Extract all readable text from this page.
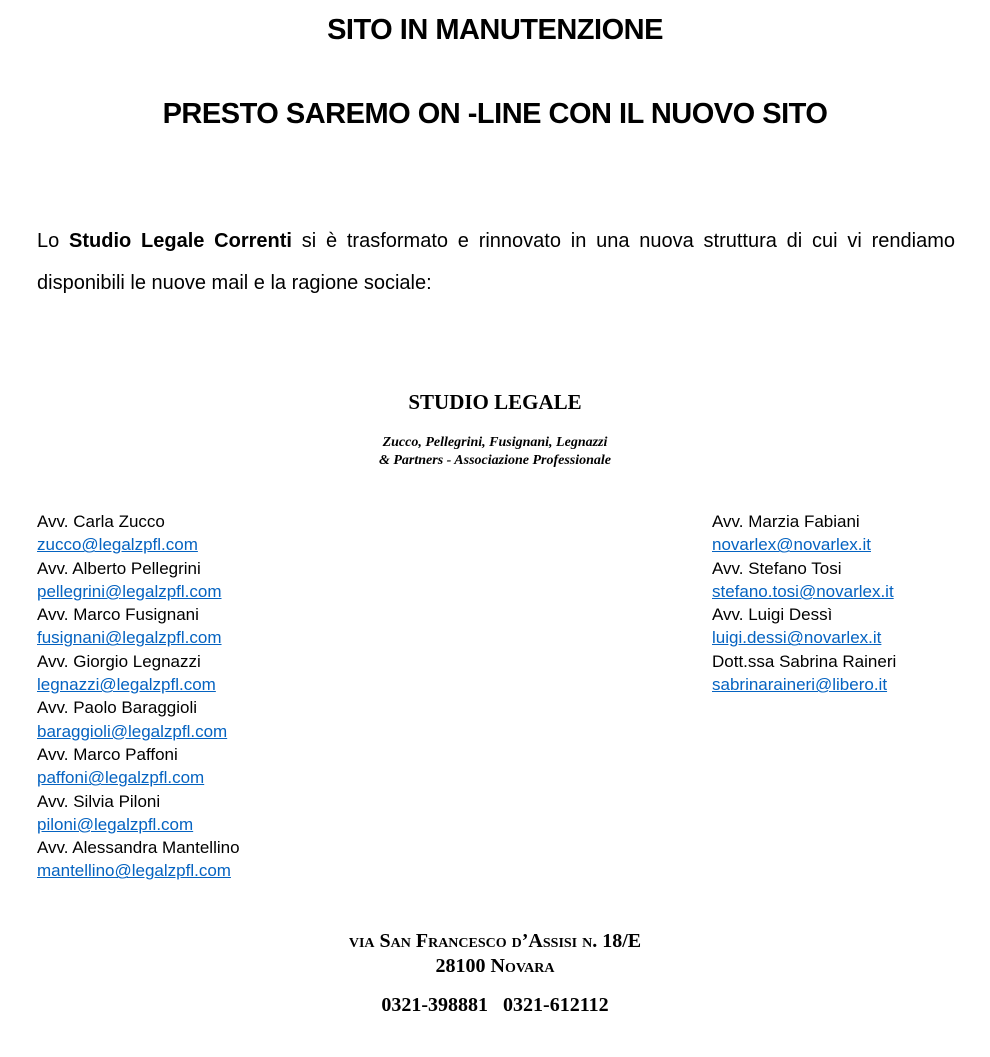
SITO IN MANUTENZIONE
PRESTO SAREMO ON -LINE CON IL NUOVO SITO

Lo Studio Legale Correnti si è trasformato e rinnovato in una nuova struttura di cui vi rendiamo disponibili le nuove mail e la ragione sociale:

STUDIO LEGALE
Zucco, Pellegrini, Fusignani, Legnazzi
& Partners - Associazione Professionale
Avv. Carla Zucco
zucco@legalzpfl.com
Avv. Alberto Pellegrini
pellegrini@legalzpfl.com
Avv. Marco Fusignani
fusignani@legalzpfl.com
Avv. Giorgio Legnazzi
legnazzi@legalzpfl.com
Avv. Paolo Baraggioli
baraggioli@legalzpfl.com
Avv. Marco Paffoni
paffoni@legalzpfl.com
Avv. Silvia Piloni
piloni@legalzpfl.com
Avv. Alessandra Mantellino
mantellino@legalzpfl.com
Avv. Marzia Fabiani
novarlex@novarlex.it
Avv. Stefano Tosi
stefano.tosi@novarlex.it
Avv. Luigi Dessì
luigi.dessi@novarlex.it
Dott.ssa Sabrina Raineri
sabrinaraineri@libero.it
via San Francesco d’Assisi n. 18/E
28100 Novara
0321-398881   0321-612112
